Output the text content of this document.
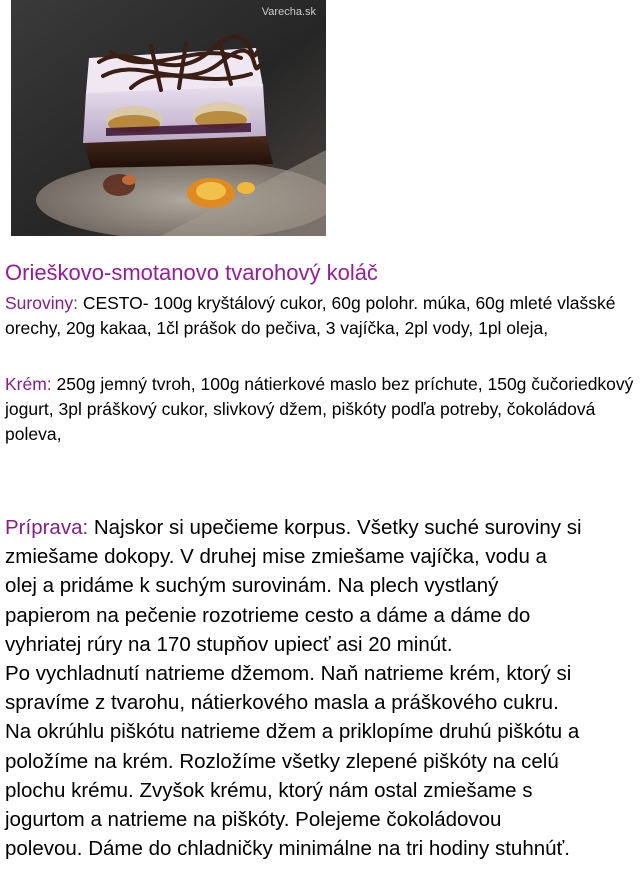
Varecha.sk
Orieškovo-smotanovo tvarohový koláč

Suroviny: CESTO- 100g kryštálový cukor, 60g polohr. múka, 60g mleté vlašské orechy, 20g kakaa, 1čl prášok do pečiva, 3 vajíčka, 2pl vody, 1pl oleja,

Krém: 250g jemný tvroh, 100g nátierkové maslo bez príchute, 150g čučoriedkový jogurt, 3pl práškový cukor, slivkový džem, piškóty podľa potreby, čokoládová poleva,

Príprava: Najskor si upečieme korpus. Všetky suché suroviny si
zmiešame dokopy. V druhej mise zmiešame vajíčka, vodu a
olej a pridáme k suchým surovinám. Na plech vystlaný
papierom na pečenie rozotrieme cesto a dáme a dáme do
vyhriatej rúry na 170 stupňov upiecť asi 20 minút.
Po vychladnutí natrieme džemom. Naň natrieme krém, ktorý si
spravíme z tvarohu, nátierkového masla a práškového cukru.
Na okrúhlu piškótu natrieme džem a priklopíme druhú piškótu a
položíme na krém. Rozložíme všetky zlepené piškóty na celú
plochu krému. Zvyšok krému, ktorý nám ostal zmiešame s
jogurtom a natrieme na piškóty. Polejeme čokoládovou
polevou. Dáme do chladničky minimálne na tri hodiny stuhnúť.
